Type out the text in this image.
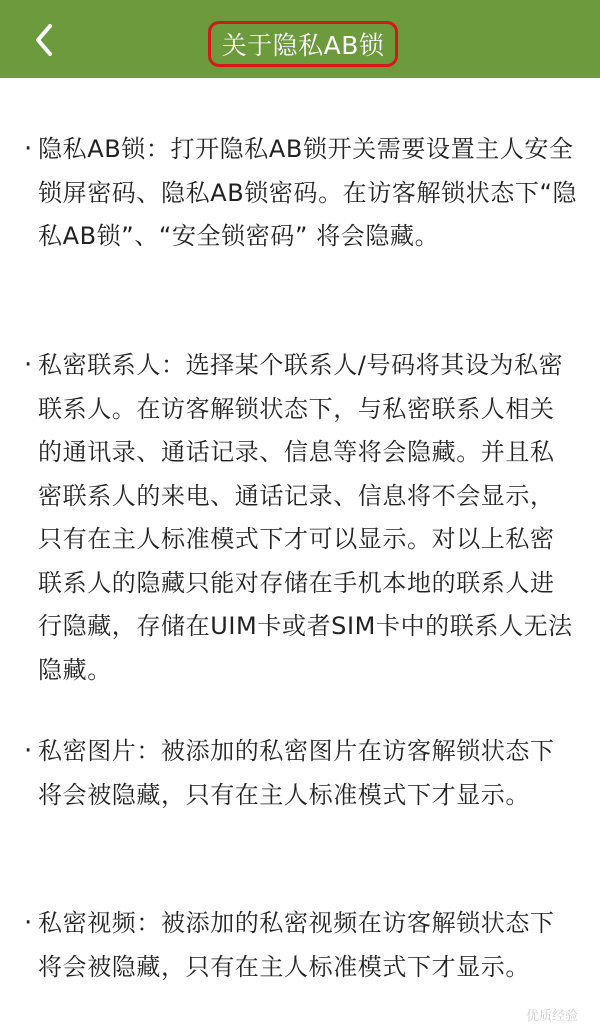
关于隐私AB锁
· 隐私AB锁：打开隐私AB锁开关需要设置主人安全锁屏密码、隐私AB锁密码。在访客解锁状态下“隐私AB锁”、“安全锁密码” 将会隐藏。
· 私密联系人：选择某个联系人/号码将其设为私密联系人。在访客解锁状态下，与私密联系人相关的通讯录、通话记录、信息等将会隐藏。并且私密联系人的来电、通话记录、信息将不会显示，只有在主人标准模式下才可以显示。对以上私密联系人的隐藏只能对存储在手机本地的联系人进行隐藏，存储在UIM卡或者SIM卡中的联系人无法隐藏。
· 私密图片：被添加的私密图片在访客解锁状态下将会被隐藏，只有在主人标准模式下才显示。
· 私密视频：被添加的私密视频在访客解锁状态下将会被隐藏，只有在主人标准模式下才显示。
优质经验
